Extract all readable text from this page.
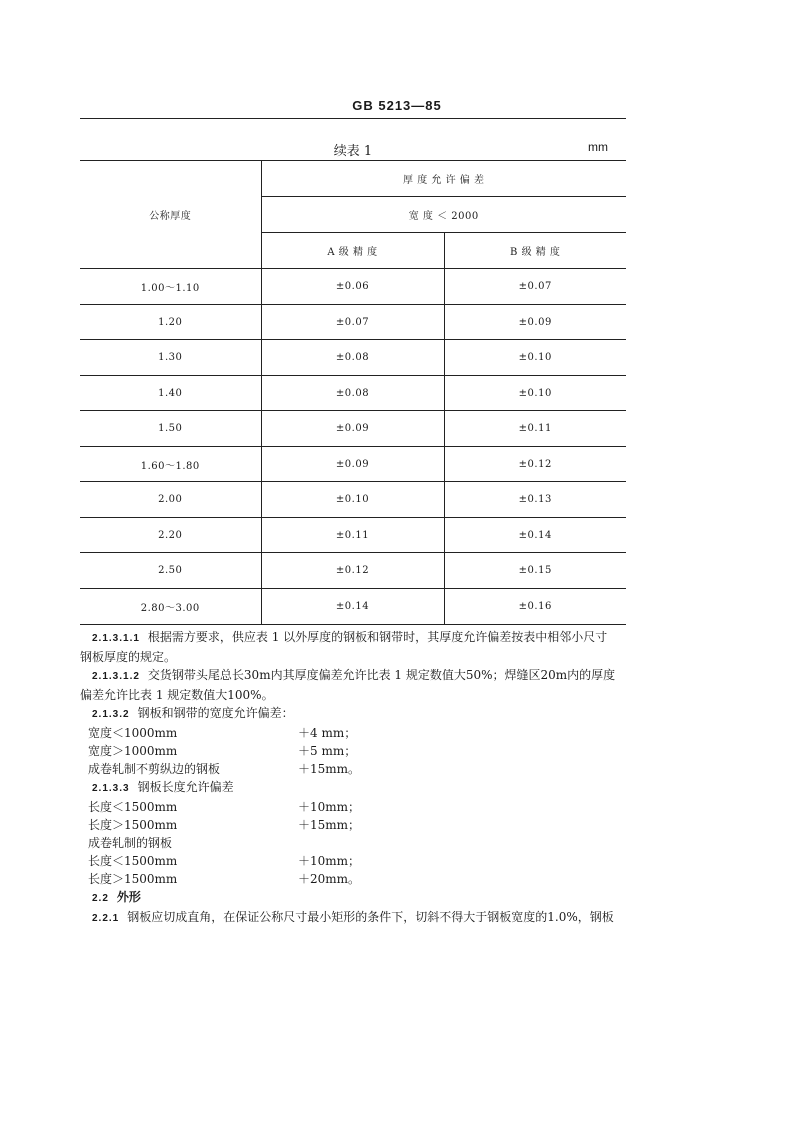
GB 5213—85
续表 1	mm
公称厚度	厚 度 允 许 偏 差	
	宽 度 ＜ 2000	
	A 级 精 度	B 级 精 度
1.00～1.10	±0.06	±0.07
1.20	±0.07	±0.09
1.30	±0.08	±0.10
1.40	±0.08	±0.10
1.50	±0.09	±0.11
1.60～1.80	±0.09	±0.12
2.00	±0.10	±0.13
2.20	±0.11	±0.14
2.50	±0.12	±0.15
2.80～3.00	±0.14	±0.16

2.1.3.1.1 根据需方要求，供应表 1 以外厚度的钢板和钢带时，其厚度允许偏差按表中相邻小尺寸

钢板厚度的规定。

2.1.3.1.2 交货钢带头尾总长30m内其厚度偏差允许比表 1 规定数值大50%；焊缝区20m内的厚度

偏差允许比表 1 规定数值大100%。

2.1.3.2 钢板和钢带的宽度允许偏差：

宽度＜1000mm	＋4 mm；
宽度＞1000mm	＋5 mm；
成卷轧制不剪纵边的钢板	＋15mm。

2.1.3.3 钢板长度允许偏差

长度＜1500mm	＋10mm；
长度＞1500mm	＋15mm；

成卷轧制的钢板

长度＜1500mm	＋10mm；
长度＞1500mm	＋20mm。

2.2 外形

2.2.1 钢板应切成直角，在保证公称尺寸最小矩形的条件下，切斜不得大于钢板宽度的1.0%，钢板
